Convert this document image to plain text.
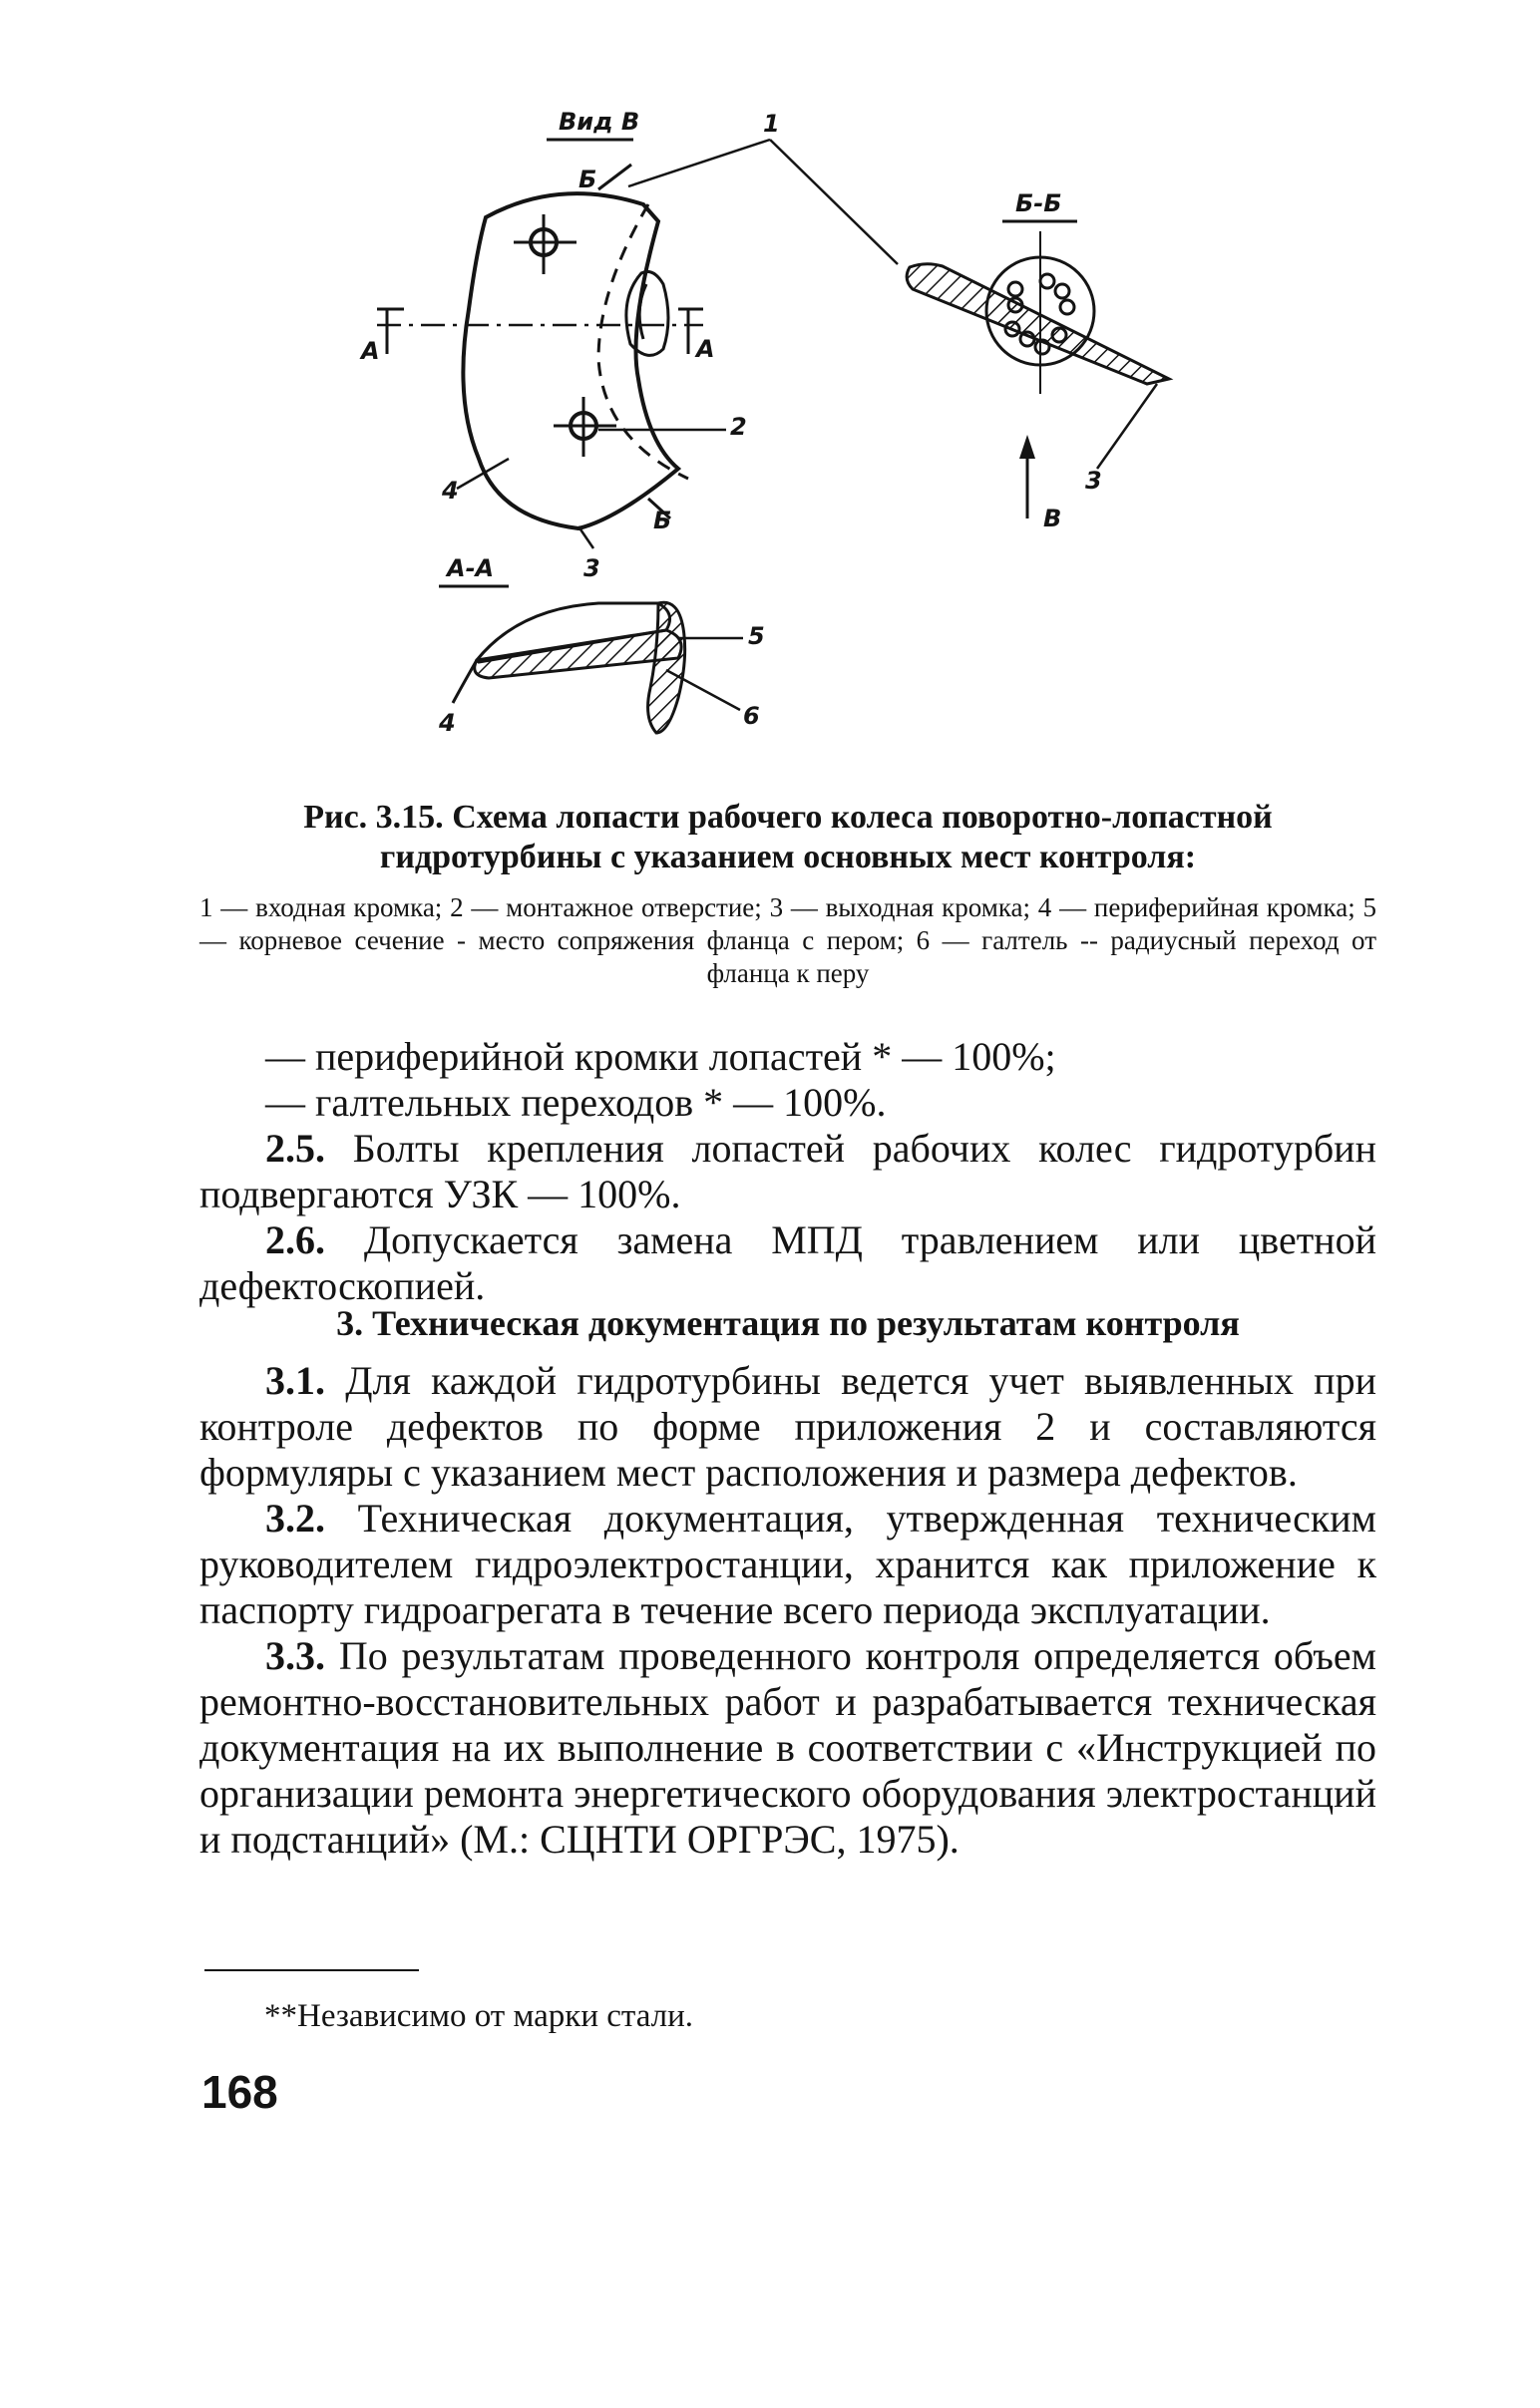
Вид В
А	А
Б
Б
1
2
3
4
Б-Б
3
В
А-А
5
6
4
Рис. 3.15. Схема лопасти рабочего колеса поворотно-лопастной гидротурбины с указанием основных мест контроля:
1 — входная кромка; 2 — монтажное отверстие; 3 — выходная кромка; 4 — периферийная кромка; 5 — корневое сечение - место сопряжения фланца с пером; 6 — галтель -- радиусный переход от фланца к перу

— периферийной кромки лопастей * — 100%;

— галтельных переходов * — 100%.

2.5. Болты крепления лопастей рабочих колес гидротурбин подвергаются УЗК — 100%.

2.6. Допускается замена МПД травлением или цветной дефектоскопией.

3. Техническая документация по результатам контроля

3.1. Для каждой гидротурбины ведется учет выявленных при контроле дефектов по форме приложения 2 и составляются формуляры с указанием мест расположения и размера дефектов.

3.2. Техническая документация, утвержденная техническим руководителем гидроэлектростанции, хранится как приложение к паспорту гидроагрегата в течение всего периода эксплуатации.

3.3. По результатам проведенного контроля определяется объем ремонтно-восстановительных работ и разрабатывается техническая документация на их выполнение в соответствии с «Инструкцией по организации ремонта энергетического оборудования электростанций и подстанций» (М.: СЦНТИ ОРГРЭС, 1975).

**Независимо от марки стали.
168
